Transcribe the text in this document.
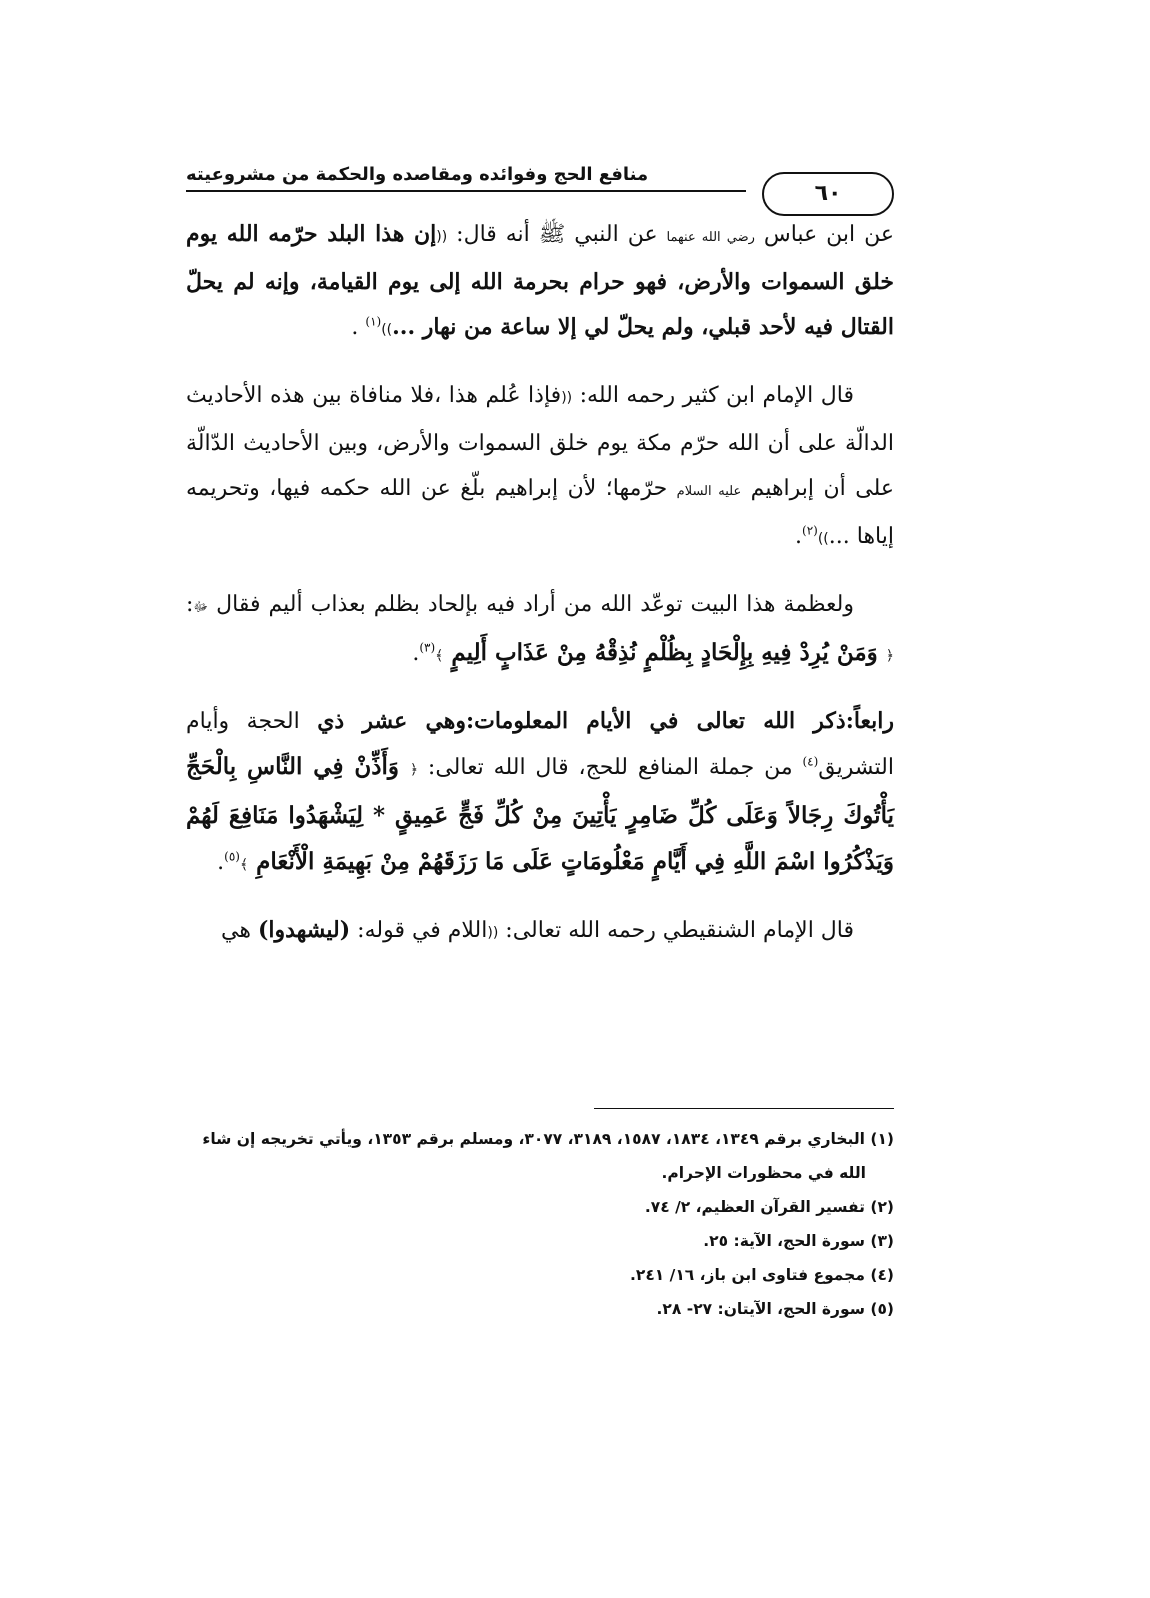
منافع الحج وفوائده ومقاصده والحكمة من مشروعيته
٦٠

عن ابن عباس رضي الله عنهما عن النبي ﷺ أنه قال: ((إن هذا البلد حرّمه الله يوم خلق السموات والأرض، فهو حرام بحرمة الله إلى يوم القيامة، وإنه لم يحلّ القتال فيه لأحد قبلي، ولم يحلّ لي إلا ساعة من نهار ...))$^{(١)}$ .

قال الإمام ابن كثير رحمه الله: ((فإذا عُلم هذا ،فلا منافاة بين هذه الأحاديث الدالّة على أن الله حرّم مكة يوم خلق السموات والأرض، وبين الأحاديث الدّالّة على أن إبراهيم عليه السلام حرّمها؛ لأن إبراهيم بلّغ عن الله حكمه فيها، وتحريمه إياها ...))$^{(٢)}$.

ولعظمة هذا البيت توعّد الله من أراد فيه بإلحاد بظلم بعذاب أليم فقال ﷻ: ﴿ وَمَنْ يُرِدْ فِيهِ بِإِلْحَادٍ بِظُلْمٍ نُذِقْهُ مِنْ عَذَابٍ أَلِيمٍ ﴾$^{(٣)}$.

رابعاً:ذكر الله تعالى في الأيام المعلومات:وهي عشر ذي الحجة وأيام التشريق$^{(٤)}$ من جملة المنافع للحج، قال الله تعالى: ﴿ وَأَذِّنْ فِي النَّاسِ بِالْحَجِّ يَأْتُوكَ رِجَالاً وَعَلَى كُلِّ ضَامِرٍ يَأْتِينَ مِنْ كُلِّ فَجٍّ عَمِيقٍ * لِيَشْهَدُوا مَنَافِعَ لَهُمْ وَيَذْكُرُوا اسْمَ اللَّهِ فِي أَيَّامٍ مَعْلُومَاتٍ عَلَى مَا رَزَقَهُمْ مِنْ بَهِيمَةِ الْأَنْعَامِ ﴾$^{(٥)}$.

قال الإمام الشنقيطي رحمه الله تعالى: ((اللام في قوله: (ليشهدوا) هي

(١) البخاري برقم ١٣٤٩، ١٨٣٤، ١٥٨٧، ٣١٨٩، ٣٠٧٧، ومسلم برقم ١٣٥٣، ويأتي تخريجه إن شاء الله في محظورات الإحرام.

(٢) تفسير القرآن العظيم، ٢/ ٧٤.

(٣) سورة الحج، الآية: ٢٥.

(٤) مجموع فتاوى ابن باز، ١٦/ ٢٤١.

(٥) سورة الحج، الآيتان: ٢٧- ٢٨.
